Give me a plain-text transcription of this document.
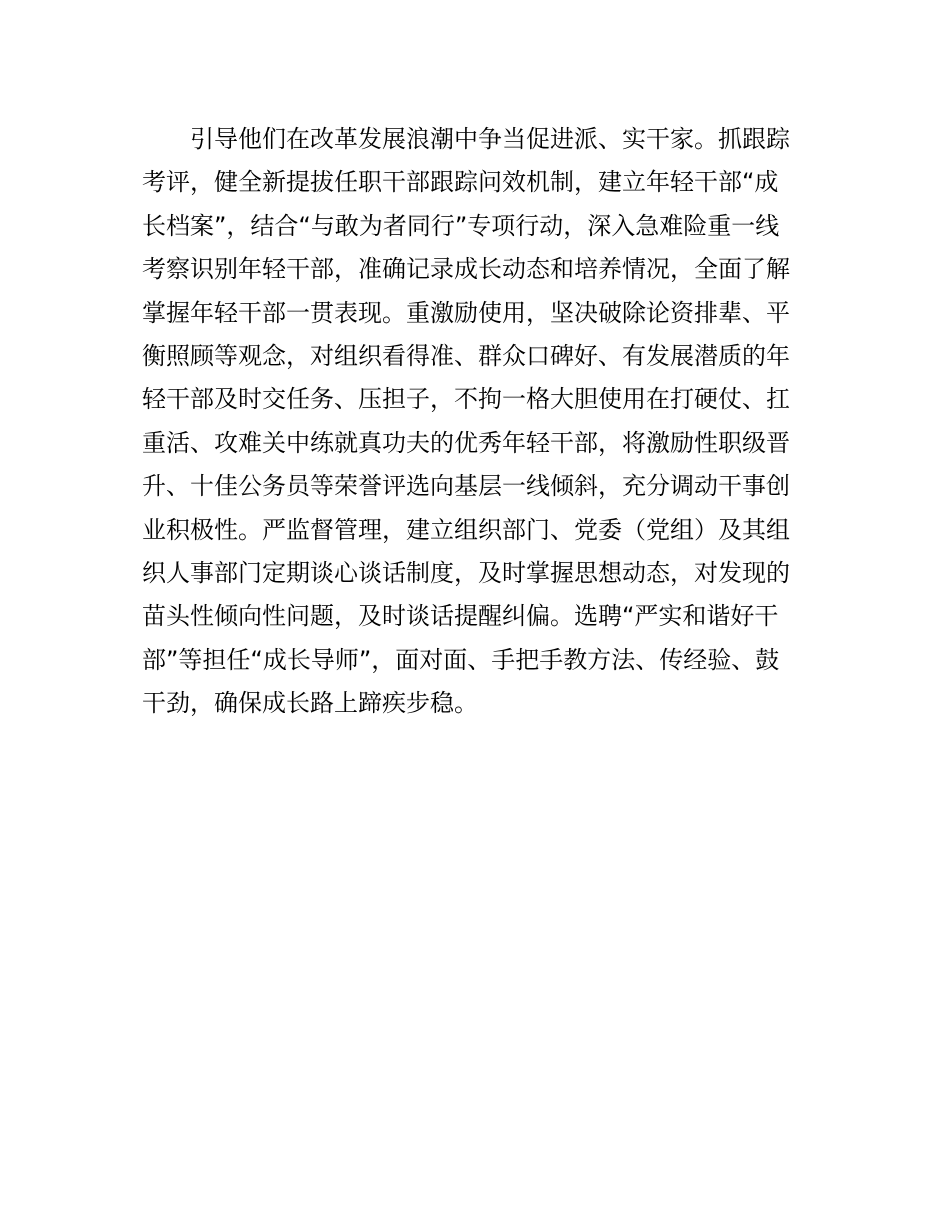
引导他们在改革发展浪潮中争当促进派、实干家。抓跟踪
考评，健全新提拔任职干部跟踪问效机制，建立年轻干部“成
长档案”，结合“与敢为者同行”专项行动，深入急难险重一线
考察识别年轻干部，准确记录成长动态和培养情况，全面了解
掌握年轻干部一贯表现。重激励使用，坚决破除论资排辈、平
衡照顾等观念，对组织看得准、群众口碑好、有发展潜质的年
轻干部及时交任务、压担子，不拘一格大胆使用在打硬仗、扛
重活、攻难关中练就真功夫的优秀年轻干部，将激励性职级晋
升、十佳公务员等荣誉评选向基层一线倾斜，充分调动干事创
业积极性。严监督管理，建立组织部门、党委（党组）及其组
织人事部门定期谈心谈话制度，及时掌握思想动态，对发现的
苗头性倾向性问题，及时谈话提醒纠偏。选聘“严实和谐好干
部”等担任“成长导师”，面对面、手把手教方法、传经验、鼓
干劲，确保成长路上蹄疾步稳。
